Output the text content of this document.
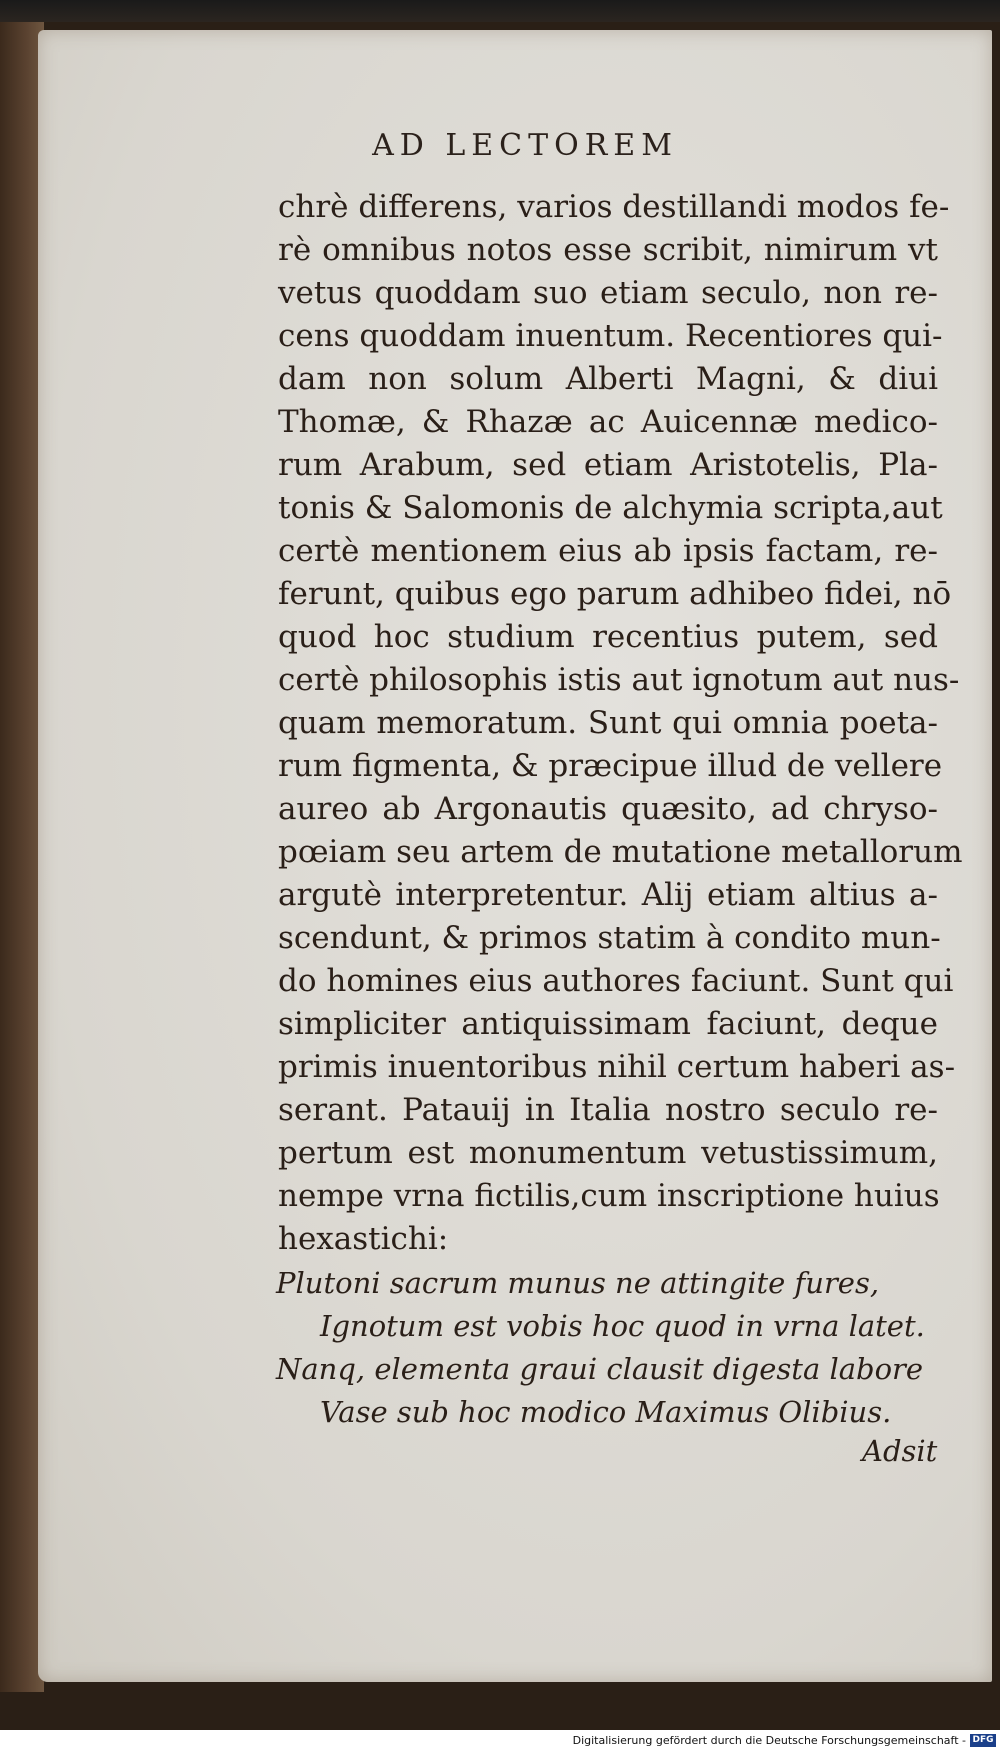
AD LECTOREM
chrè differens, varios destillandi modos fe-
rè omnibus notos esse scribit, nimirum vt
vetus quoddam suo etiam seculo, non re-
cens quoddam inuentum. Recentiores qui-
dam non solum Alberti Magni, & diui
Thomæ, & Rhazæ ac Auicennæ medico-
rum Arabum, sed etiam Aristotelis, Pla-
tonis & Salomonis de alchymia scripta,aut
certè mentionem eius ab ipsis factam, re-
ferunt, quibus ego parum adhibeo fidei, nō
quod hoc studium recentius putem, sed
certè philosophis istis aut ignotum aut nus-
quam memoratum. Sunt qui omnia poeta-
rum figmenta, & præcipue illud de vellere
aureo ab Argonautis quæsito, ad chryso-
pœiam seu artem de mutatione metallorum
argutè interpretentur. Alij etiam altius a-
scendunt, & primos statim à condito mun-
do homines eius authores faciunt. Sunt qui
simpliciter antiquissimam faciunt, deque
primis inuentoribus nihil certum haberi as-
serant. Patauij in Italia nostro seculo re-
pertum est monumentum vetustissimum,
nempe vrna fictilis,cum inscriptione huius
hexastichi:
Plutoni sacrum munus ne attingite fures,
Ignotum est vobis hoc quod in vrna latet.
Nanq, elementa graui clausit digesta labore
Vase sub hoc modico Maximus Olibius.
Adsit
Digitalisierung gefördert durch die Deutsche Forschungsgemeinschaft - DFG
